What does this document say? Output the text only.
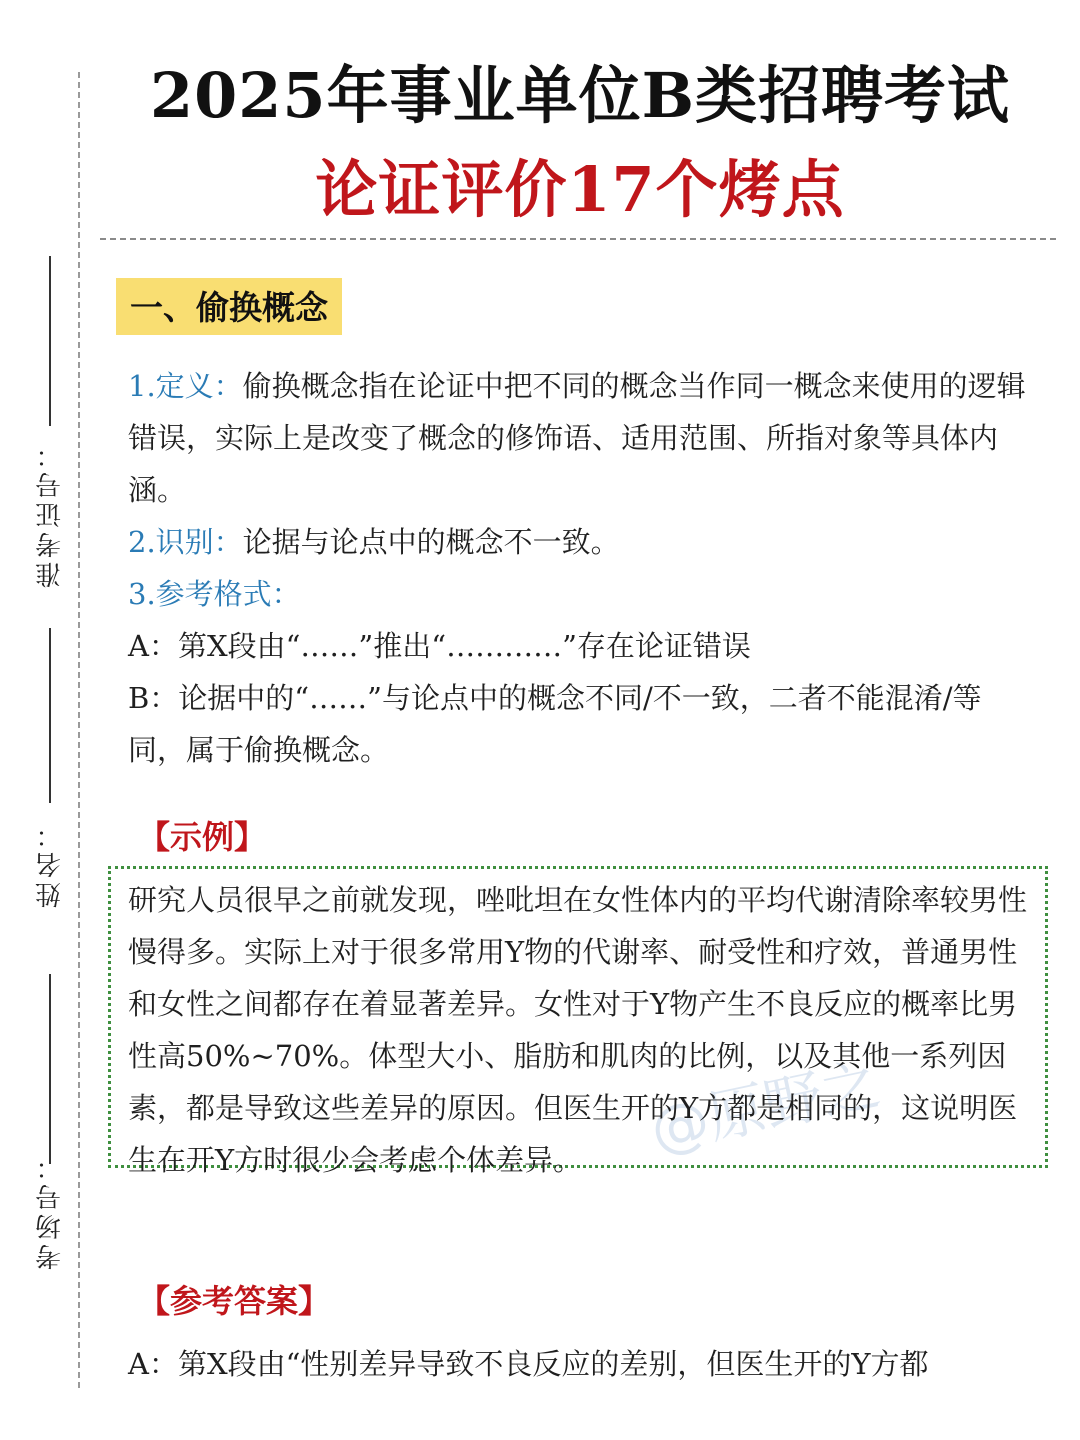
准考证号：
姓名：
考场号：
2025年事业单位B类招聘考试
论证评价17个烤点
一、偷换概念

1.定义：偷换概念指在论证中把不同的概念当作同一概念来使用的逻辑错误，实际上是改变了概念的修饰语、适用范围、所指对象等具体内涵。

2.识别：论据与论点中的概念不一致。

3.参考格式：

A：第X段由“……”推出“…………”存在论证错误

B：论据中的“……”与论点中的概念不同/不一致，二者不能混淆/等同，属于偷换概念。

【示例】
@原野之
研究人员很早之前就发现，唑吡坦在女性体内的平均代谢清除率较男性慢得多。实际上对于很多常用Y物的代谢率、耐受性和疗效，普通男性和女性之间都存在着显著差异。女性对于Y物产生不良反应的概率比男性高50%~70%。体型大小、脂肪和肌肉的比例，以及其他一系列因素，都是导致这些差异的原因。但医生开的Y方都是相同的，这说明医生在开Y方时很少会考虑个体差异。
【参考答案】
A：第X段由“性别差异导致不良反应的差别，但医生开的Y方都
